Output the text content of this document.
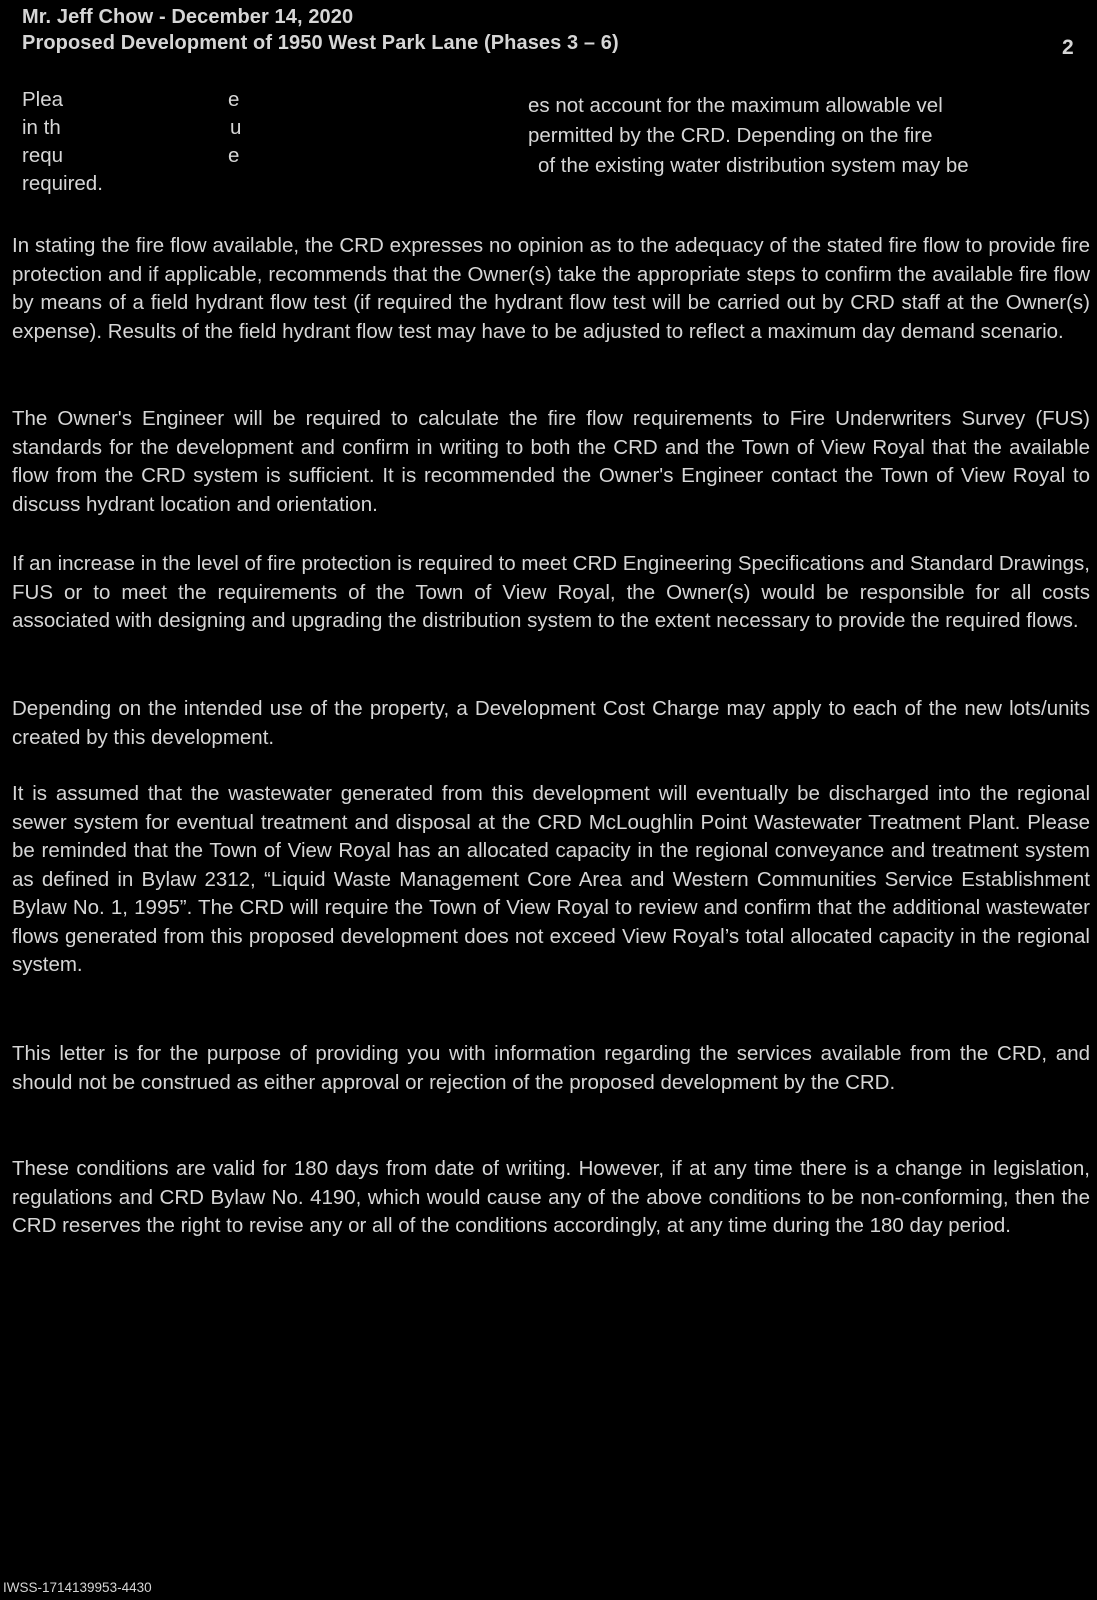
Mr. Jeff Chow - December 14, 2020
Proposed Development of 1950 West Park Lane (Phases 3 – 6)	2
Plea	e	es not account for the maximum allowable vel
in th	u	permitted by the CRD. Depending on the fire
requ	e	of the existing water distribution system may be
required.

In stating the fire flow available, the CRD expresses no opinion as to the adequacy of the stated fire flow to provide fire protection and if applicable, recommends that the Owner(s) take the appropriate steps to confirm the available fire flow by means of a field hydrant flow test (if required the hydrant flow test will be carried out by CRD staff at the Owner(s) expense). Results of the field hydrant flow test may have to be adjusted to reflect a maximum day demand scenario.

The Owner's Engineer will be required to calculate the fire flow requirements to Fire Underwriters Survey (FUS) standards for the development and confirm in writing to both the CRD and the Town of View Royal that the available flow from the CRD system is sufficient. It is recommended the Owner's Engineer contact the Town of View Royal to discuss hydrant location and orientation.

If an increase in the level of fire protection is required to meet CRD Engineering Specifications and Standard Drawings, FUS or to meet the requirements of the Town of View Royal, the Owner(s) would be responsible for all costs associated with designing and upgrading the distribution system to the extent necessary to provide the required flows.

Depending on the intended use of the property, a Development Cost Charge may apply to each of the new lots/units created by this development.

It is assumed that the wastewater generated from this development will eventually be discharged into the regional sewer system for eventual treatment and disposal at the CRD McLoughlin Point Wastewater Treatment Plant. Please be reminded that the Town of View Royal has an allocated capacity in the regional conveyance and treatment system as defined in Bylaw 2312, “Liquid Waste Management Core Area and Western Communities Service Establishment Bylaw No. 1, 1995”. The CRD will require the Town of View Royal to review and confirm that the additional wastewater flows generated from this proposed development does not exceed View Royal’s total allocated capacity in the regional system.

This letter is for the purpose of providing you with information regarding the services available from the CRD, and should not be construed as either approval or rejection of the proposed development by the CRD.

These conditions are valid for 180 days from date of writing. However, if at any time there is a change in legislation, regulations and CRD Bylaw No. 4190, which would cause any of the above conditions to be non-conforming, then the CRD reserves the right to revise any or all of the conditions accordingly, at any time during the 180 day period.

IWSS-1714139953-4430
